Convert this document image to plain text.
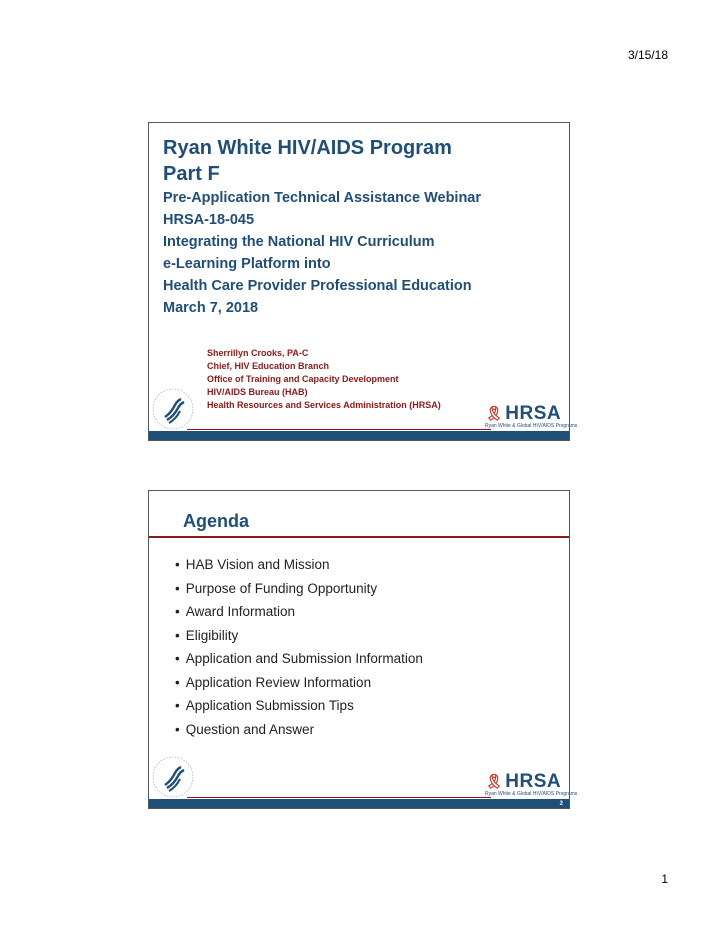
3/15/18
Ryan White HIV/AIDS Program
Part F
Pre-Application Technical Assistance Webinar
HRSA-18-045
Integrating the National HIV Curriculum
e-Learning Platform into
Health Care Provider Professional Education
March 7, 2018
Sherrillyn Crooks, PA-C
Chief, HIV Education Branch
Office of Training and Capacity Development
HIV/AIDS Bureau (HAB)
Health Resources and Services Administration (HRSA)	🎗 HRSA
Ryan White & Global HIV/AIDS Programs
Agenda
• HAB Vision and Mission
• Purpose of Funding Opportunity
• Award Information
• Eligibility
• Application and Submission Information
• Application Review Information
• Application Submission Tips
• Question and Answer
🎗 HRSA
Ryan White & Global HIV/AIDS Programs
2
1
